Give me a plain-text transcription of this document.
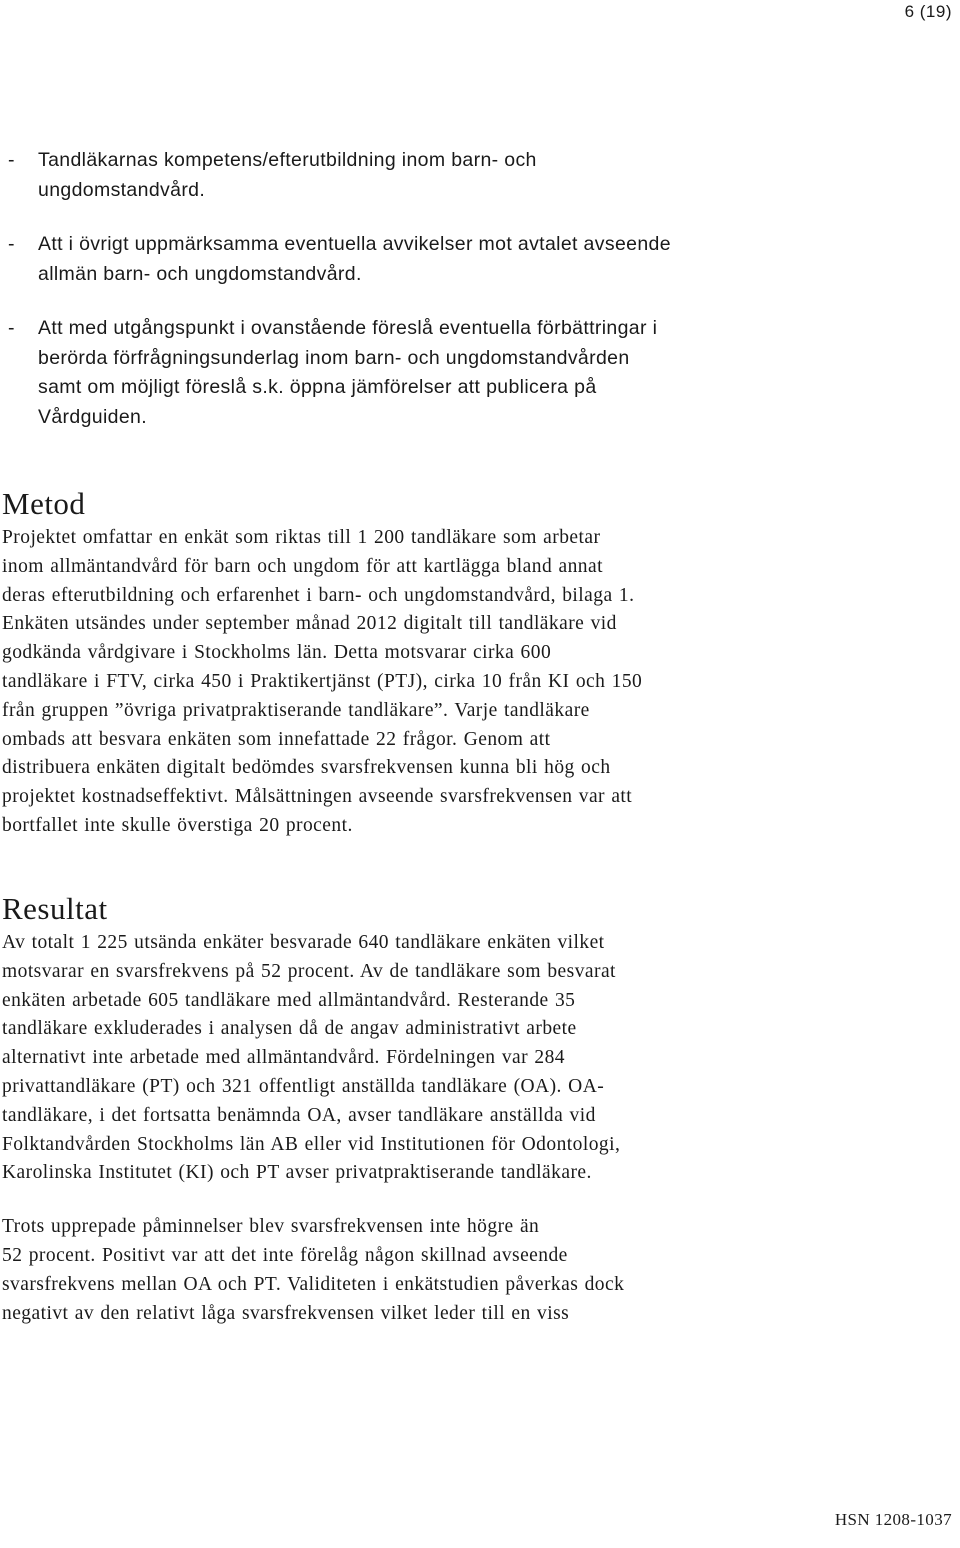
6 (19)
- Tandläkarnas kompetens/efterutbildning inom barn- och
ungdomstandvård.
- Att i övrigt uppmärksamma eventuella avvikelser mot avtalet avseende
allmän barn- och ungdomstandvård.
- Att med utgångspunkt i ovanstående föreslå eventuella förbättringar i
berörda förfrågningsunderlag inom barn- och ungdomstandvården
samt om möjligt föreslå s.k. öppna jämförelser att publicera på
Vårdguiden.
Metod

Projektet omfattar en enkät som riktas till 1 200 tandläkare som arbetar
inom allmäntandvård för barn och ungdom för att kartlägga bland annat
deras efterutbildning och erfarenhet i barn- och ungdomstandvård, bilaga 1.
Enkäten utsändes under september månad 2012 digitalt till tandläkare vid
godkända vårdgivare i Stockholms län. Detta motsvarar cirka 600
tandläkare i FTV, cirka 450 i Praktikertjänst (PTJ), cirka 10 från KI och 150
från gruppen ”övriga privatpraktiserande tandläkare”. Varje tandläkare
ombads att besvara enkäten som innefattade 22 frågor. Genom att
distribuera enkäten digitalt bedömdes svarsfrekvensen kunna bli hög och
projektet kostnadseffektivt. Målsättningen avseende svarsfrekvensen var att
bortfallet inte skulle överstiga 20 procent.

Resultat

Av totalt 1 225 utsända enkäter besvarade 640 tandläkare enkäten vilket
motsvarar en svarsfrekvens på 52 procent. Av de tandläkare som besvarat
enkäten arbetade 605 tandläkare med allmäntandvård. Resterande 35
tandläkare exkluderades i analysen då de angav administrativt arbete
alternativt inte arbetade med allmäntandvård. Fördelningen var 284
privattandläkare (PT) och 321 offentligt anställda tandläkare (OA). OA-
tandläkare, i det fortsatta benämnda OA, avser tandläkare anställda vid
Folktandvården Stockholms län AB eller vid Institutionen för Odontologi,
Karolinska Institutet (KI) och PT avser privatpraktiserande tandläkare.

Trots upprepade påminnelser blev svarsfrekvensen inte högre än
52 procent. Positivt var att det inte förelåg någon skillnad avseende
svarsfrekvens mellan OA och PT. Validiteten i enkätstudien påverkas dock
negativt av den relativt låga svarsfrekvensen vilket leder till en viss

HSN 1208-1037
